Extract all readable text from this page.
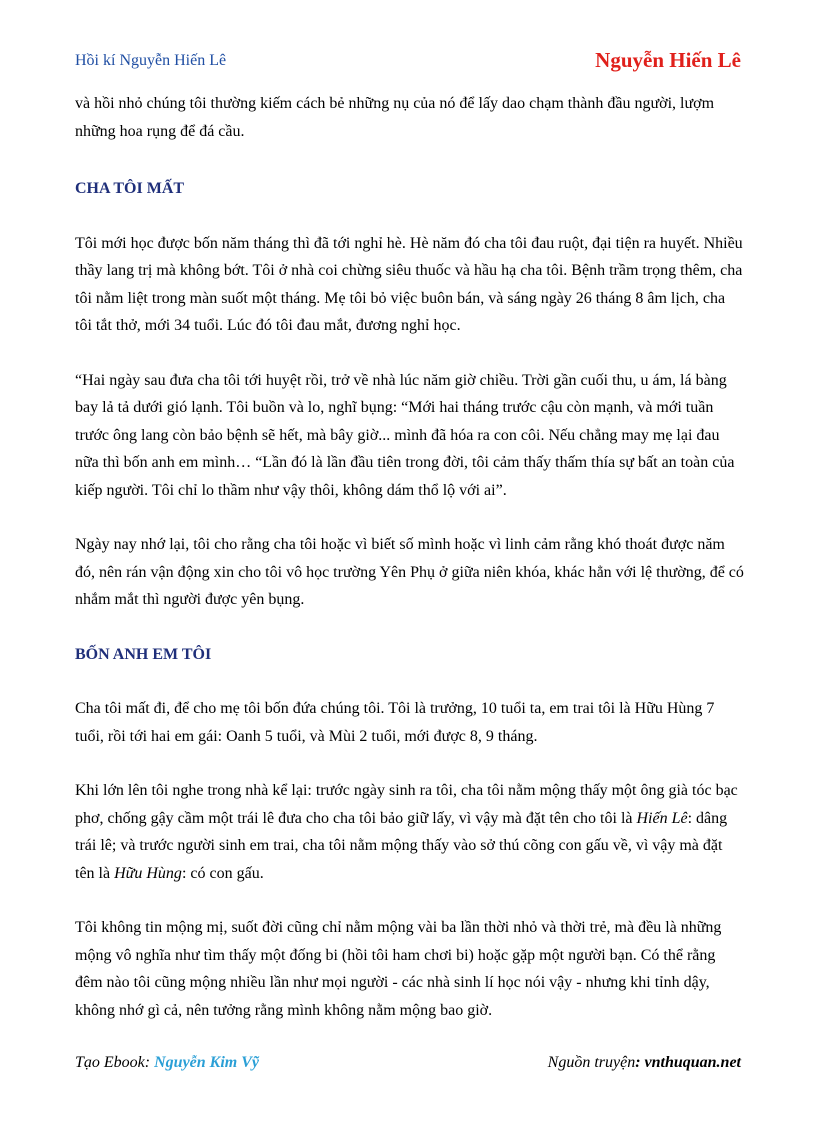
Hồi kí Nguyễn Hiến Lê	Nguyễn Hiến Lê

và hồi nhỏ chúng tôi thường kiếm cách bẻ những nụ của nó để lấy dao chạm thành đầu người, lượm những hoa rụng để đá cầu.

CHA TÔI MẤT

Tôi mới học được bốn năm tháng thì đã tới nghỉ hè. Hè năm đó cha tôi đau ruột, đại tiện ra huyết. Nhiều thầy lang trị mà không bớt. Tôi ở nhà coi chừng siêu thuốc và hầu hạ cha tôi. Bệnh trầm trọng thêm, cha tôi nằm liệt trong màn suốt một tháng. Mẹ tôi bỏ việc buôn bán, và sáng ngày 26 tháng 8 âm lịch, cha tôi tắt thở, mới 34 tuổi. Lúc đó tôi đau mắt, đương nghỉ học.

“Hai ngày sau đưa cha tôi tới huyệt rồi, trở về nhà lúc năm giờ chiều. Trời gần cuối thu, u ám, lá bàng bay lả tả dưới gió lạnh. Tôi buồn và lo, nghĩ bụng: “Mới hai tháng trước cậu còn mạnh, và mới tuần trước ông lang còn bảo bệnh sẽ hết, mà bây giờ... mình đã hóa ra con côi. Nếu chẳng may mẹ lại đau nữa thì bốn anh em mình… “Lần đó là lần đầu tiên trong đời, tôi cảm thấy thấm thía sự bất an toàn của kiếp người. Tôi chỉ lo thầm như vậy thôi, không dám thổ lộ với ai”.

Ngày nay nhớ lại, tôi cho rằng cha tôi hoặc vì biết số mình hoặc vì linh cảm rằng khó thoát được năm đó, nên rán vận động xin cho tôi vô học trường Yên Phụ ở giữa niên khóa, khác hẳn với lệ thường, để có nhắm mắt thì người được yên bụng.

BỐN ANH EM TÔI

Cha tôi mất đi, để cho mẹ tôi bốn đứa chúng tôi. Tôi là trưởng, 10 tuổi ta, em trai tôi là Hữu Hùng 7 tuổi, rồi tới hai em gái: Oanh 5 tuổi, và Mùi 2 tuổi, mới được 8, 9 tháng.

Khi lớn lên tôi nghe trong nhà kể lại: trước ngày sinh ra tôi, cha tôi nằm mộng thấy một ông già tóc bạc phơ, chống gậy cầm một trái lê đưa cho cha tôi bảo giữ lấy, vì vậy mà đặt tên cho tôi là Hiến Lê: dâng trái lê; và trước người sinh em trai, cha tôi nằm mộng thấy vào sở thú cõng con gấu về, vì vậy mà đặt tên là Hữu Hùng: có con gấu.

Tôi không tin mộng mị, suốt đời cũng chỉ nằm mộng vài ba lần thời nhỏ và thời trẻ, mà đều là những mộng vô nghĩa như tìm thấy một đống bi (hồi tôi ham chơi bi) hoặc gặp một người bạn. Có thể rằng đêm nào tôi cũng mộng nhiều lần như mọi người - các nhà sinh lí học nói vậy - nhưng khi tỉnh dậy, không nhớ gì cả, nên tưởng rằng mình không nằm mộng bao giờ.

Tạo Ebook: Nguyễn Kim Vỹ	Nguồn truyện: vnthuquan.net
